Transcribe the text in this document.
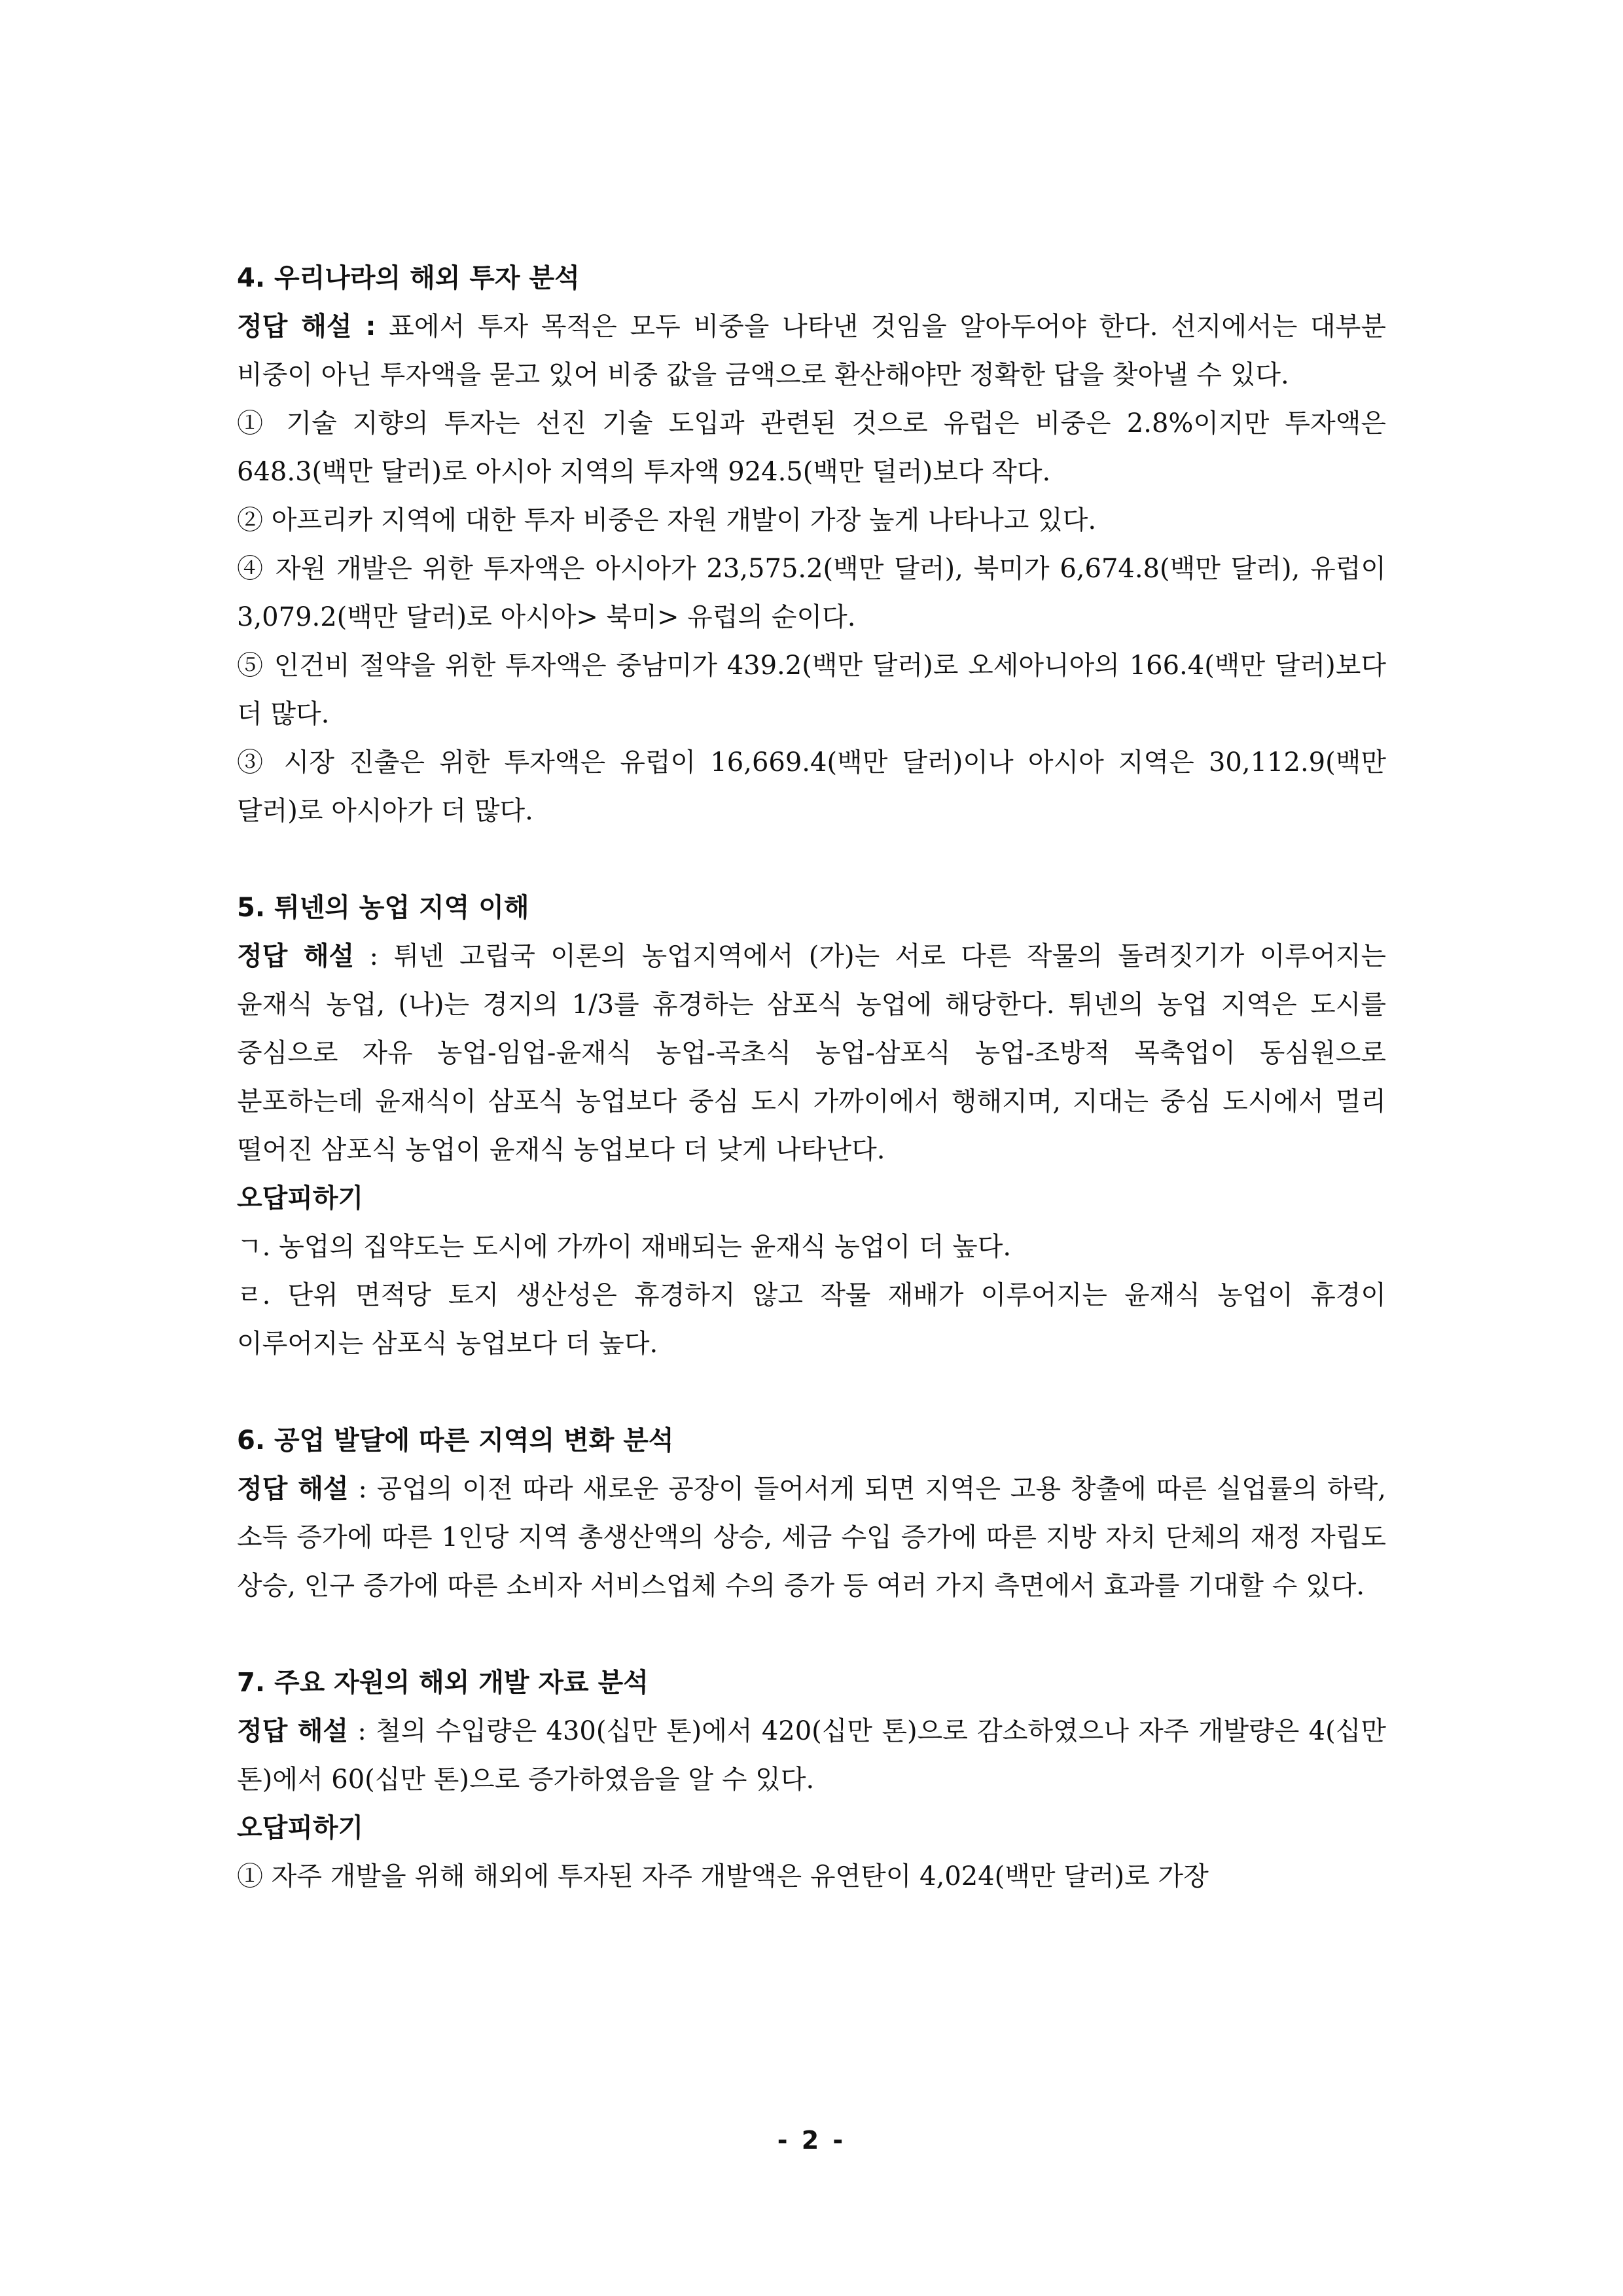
4. 우리나라의 해외 투자 분석

정답 해설 : 표에서 투자 목적은 모두 비중을 나타낸 것임을 알아두어야 한다. 선지에서는 대부분 비중이 아닌 투자액을 묻고 있어 비중 값을 금액으로 환산해야만 정확한 답을 찾아낼 수 있다.

① 기술 지향의 투자는 선진 기술 도입과 관련된 것으로 유럽은 비중은 2.8%이지만 투자액은 648.3(백만 달러)로 아시아 지역의 투자액 924.5(백만 덜러)보다 작다.

② 아프리카 지역에 대한 투자 비중은 자원 개발이 가장 높게 나타나고 있다.

④ 자원 개발은 위한 투자액은 아시아가 23,575.2(백만 달러), 북미가 6,674.8(백만 달러), 유럽이 3,079.2(백만 달러)로 아시아> 북미> 유럽의 순이다.

⑤ 인건비 절약을 위한 투자액은 중남미가 439.2(백만 달러)로 오세아니아의 166.4(백만 달러)보다 더 많다.

③ 시장 진출은 위한 투자액은 유럽이 16,669.4(백만 달러)이나 아시아 지역은 30,112.9(백만 달러)로 아시아가 더 많다.

5. 튀넨의 농업 지역 이해

정답 해설 : 튀넨 고립국 이론의 농업지역에서 (가)는 서로 다른 작물의 돌려짓기가 이루어지는 윤재식 농업, (나)는 경지의 1/3를 휴경하는 삼포식 농업에 해당한다. 튀넨의 농업 지역은 도시를 중심으로 자유 농업-임업-윤재식 농업-곡초식 농업-삼포식 농업-조방적 목축업이 동심원으로 분포하는데 윤재식이 삼포식 농업보다 중심 도시 가까이에서 행해지며, 지대는 중심 도시에서 멀리 떨어진 삼포식 농업이 윤재식 농업보다 더 낮게 나타난다.

오답피하기

ㄱ. 농업의 집약도는 도시에 가까이 재배되는 윤재식 농업이 더 높다.

ㄹ. 단위 면적당 토지 생산성은 휴경하지 않고 작물 재배가 이루어지는 윤재식 농업이 휴경이 이루어지는 삼포식 농업보다 더 높다.

6. 공업 발달에 따른 지역의 변화 분석

정답 해설 : 공업의 이전 따라 새로운 공장이 들어서게 되면 지역은 고용 창출에 따른 실업률의 하락, 소득 증가에 따른 1인당 지역 총생산액의 상승, 세금 수입 증가에 따른 지방 자치 단체의 재정 자립도 상승, 인구 증가에 따른 소비자 서비스업체 수의 증가 등 여러 가지 측면에서 효과를 기대할 수 있다.

7. 주요 자원의 해외 개발 자료 분석

정답 해설 : 철의 수입량은 430(십만 톤)에서 420(십만 톤)으로 감소하였으나 자주 개발량은 4(십만 톤)에서 60(십만 톤)으로 증가하였음을 알 수 있다.

오답피하기

① 자주 개발을 위해 해외에 투자된 자주 개발액은 유연탄이 4,024(백만 달러)로 가장

- 2 -
